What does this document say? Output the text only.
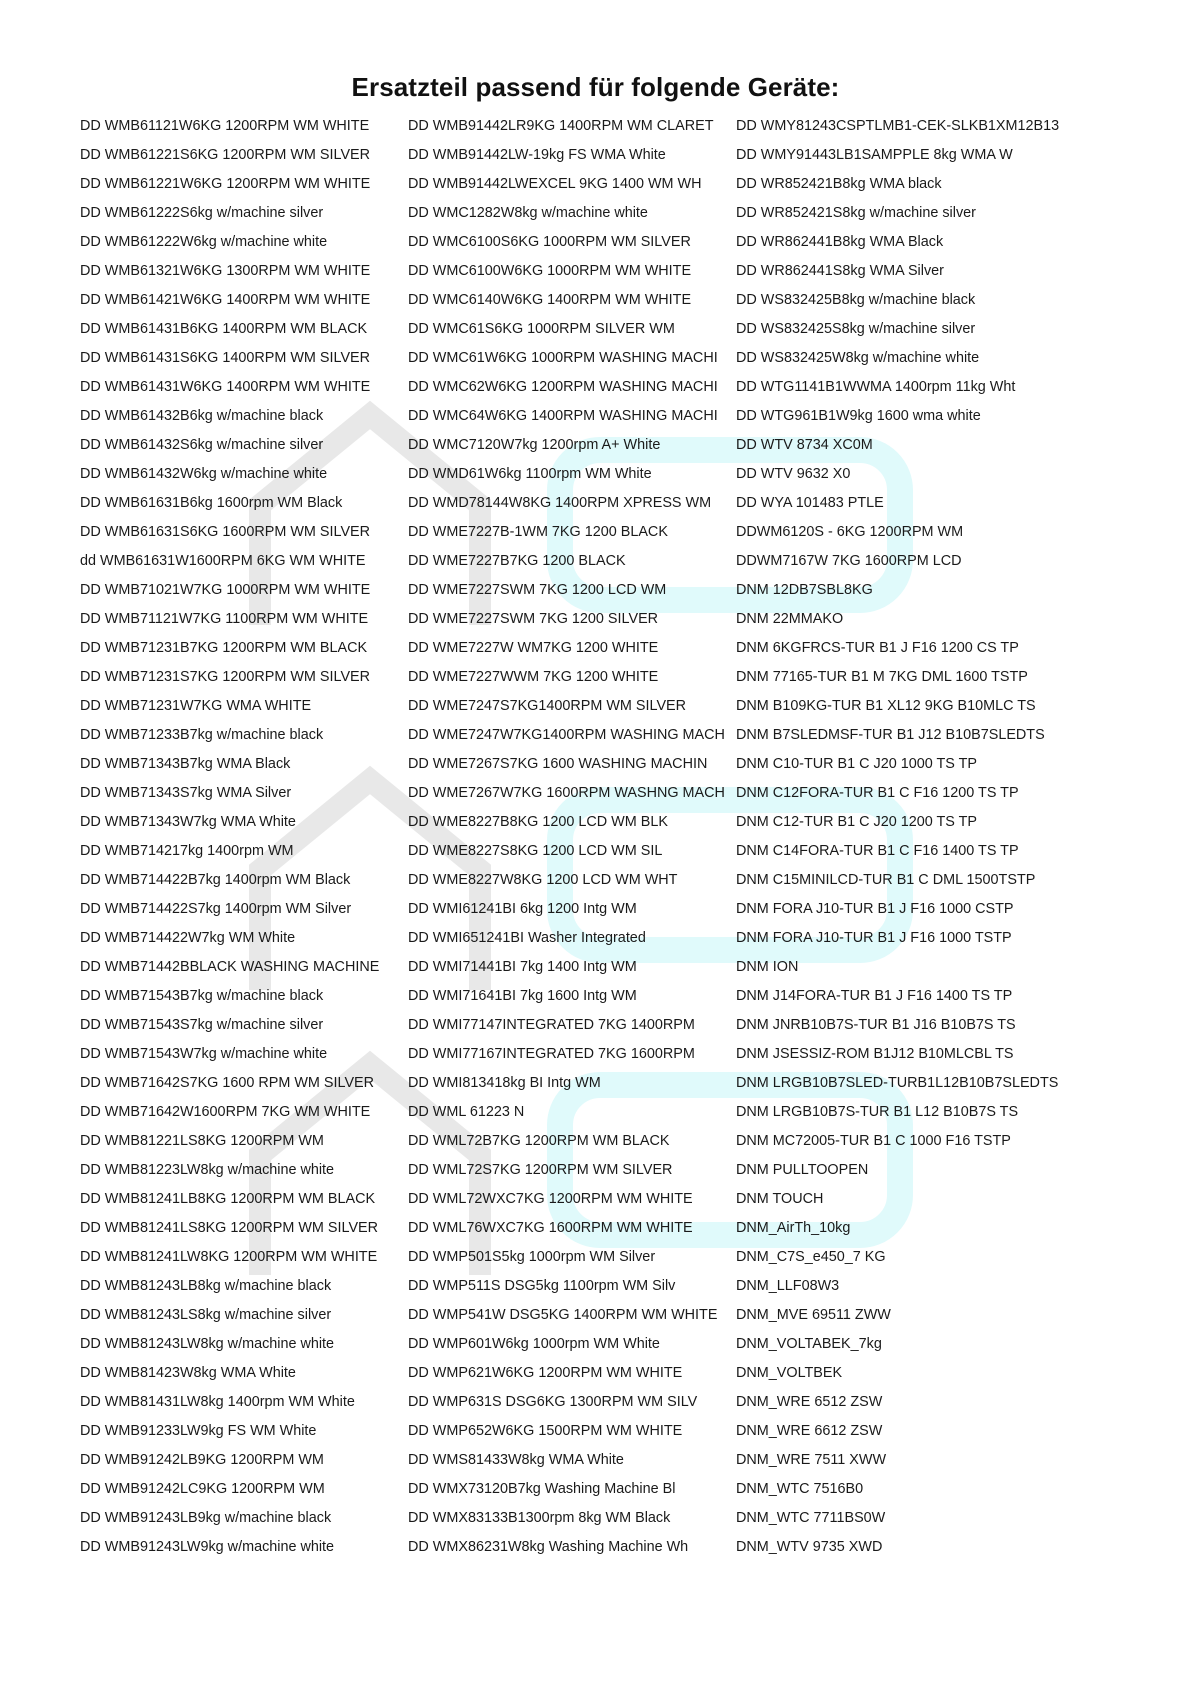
Ersatzteil passend für folgende Geräte:
DD WMB61121W6KG 1200RPM WM WHITE
DD WMB61221S6KG 1200RPM WM SILVER
DD WMB61221W6KG 1200RPM WM WHITE
DD WMB61222S6kg w/machine silver
DD WMB61222W6kg w/machine white
DD WMB61321W6KG 1300RPM WM WHITE
DD WMB61421W6KG 1400RPM WM WHITE
DD WMB61431B6KG 1400RPM WM BLACK
DD WMB61431S6KG 1400RPM WM SILVER
DD WMB61431W6KG 1400RPM WM WHITE
DD WMB61432B6kg w/machine black
DD WMB61432S6kg w/machine silver
DD WMB61432W6kg w/machine white
DD WMB61631B6kg 1600rpm WM Black
DD WMB61631S6KG 1600RPM WM SILVER
dd WMB61631W1600RPM 6KG WM WHITE
DD WMB71021W7KG 1000RPM WM WHITE
DD WMB71121W7KG 1100RPM WM WHITE
DD WMB71231B7KG 1200RPM WM BLACK
DD WMB71231S7KG 1200RPM WM SILVER
DD WMB71231W7KG WMA WHITE
DD WMB71233B7kg w/machine black
DD WMB71343B7kg WMA Black
DD WMB71343S7kg WMA Silver
DD WMB71343W7kg WMA White
DD WMB714217kg 1400rpm WM
DD WMB714422B7kg 1400rpm WM Black
DD WMB714422S7kg 1400rpm WM Silver
DD WMB714422W7kg WM White
DD WMB71442BBLACK WASHING MACHINE
DD WMB71543B7kg w/machine black
DD WMB71543S7kg w/machine silver
DD WMB71543W7kg w/machine white
DD WMB71642S7KG 1600 RPM WM SILVER
DD WMB71642W1600RPM 7KG WM WHITE
DD WMB81221LS8KG 1200RPM WM
DD WMB81223LW8kg w/machine white
DD WMB81241LB8KG 1200RPM WM BLACK
DD WMB81241LS8KG 1200RPM WM SILVER
DD WMB81241LW8KG 1200RPM WM WHITE
DD WMB81243LB8kg w/machine black
DD WMB81243LS8kg w/machine silver
DD WMB81243LW8kg w/machine white
DD WMB81423W8kg WMA White
DD WMB81431LW8kg 1400rpm WM White
DD WMB91233LW9kg FS WM White
DD WMB91242LB9KG 1200RPM WM
DD WMB91242LC9KG 1200RPM WM
DD WMB91243LB9kg w/machine black
DD WMB91243LW9kg w/machine white
DD WMB91442LR9KG 1400RPM WM CLARET
DD WMB91442LW-19kg FS WMA White
DD WMB91442LWEXCEL 9KG 1400 WM WH
DD WMC1282W8kg w/machine white
DD WMC6100S6KG 1000RPM WM SILVER
DD WMC6100W6KG 1000RPM WM WHITE
DD WMC6140W6KG 1400RPM WM WHITE
DD WMC61S6KG 1000RPM SILVER WM
DD WMC61W6KG 1000RPM WASHING MACHI
DD WMC62W6KG 1200RPM WASHING MACHI
DD WMC64W6KG 1400RPM WASHING MACHI
DD WMC7120W7kg 1200rpm A+ White
DD WMD61W6kg 1100rpm WM White
DD WMD78144W8KG 1400RPM XPRESS WM
DD WME7227B-1WM 7KG 1200 BLACK
DD WME7227B7KG 1200 BLACK
DD WME7227SWM 7KG 1200 LCD WM
DD WME7227SWM 7KG 1200 SILVER
DD WME7227W WM7KG 1200 WHITE
DD WME7227WWM 7KG 1200 WHITE
DD WME7247S7KG1400RPM WM SILVER
DD WME7247W7KG1400RPM WASHING MACH
DD WME7267S7KG 1600 WASHING MACHIN
DD WME7267W7KG 1600RPM WASHNG MACH
DD WME8227B8KG 1200 LCD WM BLK
DD WME8227S8KG 1200 LCD WM SIL
DD WME8227W8KG 1200 LCD WM WHT
DD WMI61241BI 6kg 1200 Intg WM
DD WMI651241BI Washer Integrated
DD WMI71441BI 7kg 1400 Intg WM
DD WMI71641BI 7kg 1600 Intg WM
DD WMI77147INTEGRATED 7KG 1400RPM
DD WMI77167INTEGRATED 7KG 1600RPM
DD WMI813418kg BI Intg WM
DD WML 61223 N
DD WML72B7KG 1200RPM WM BLACK
DD WML72S7KG 1200RPM WM SILVER
DD WML72WXC7KG 1200RPM WM WHITE
DD WML76WXC7KG 1600RPM WM WHITE
DD WMP501S5kg 1000rpm WM Silver
DD WMP511S DSG5kg 1100rpm WM Silv
DD WMP541W DSG5KG 1400RPM WM WHITE
DD WMP601W6kg 1000rpm WM White
DD WMP621W6KG 1200RPM WM WHITE
DD WMP631S DSG6KG 1300RPM WM SILV
DD WMP652W6KG 1500RPM WM WHITE
DD WMS81433W8kg WMA White
DD WMX73120B7kg Washing Machine Bl
DD WMX83133B1300rpm 8kg WM Black
DD WMX86231W8kg Washing Machine Wh
DD WMY81243CSPTLMB1-CEK-SLKB1XM12B13
DD WMY91443LB1SAMPPLE 8kg WMA W
DD WR852421B8kg WMA black
DD WR852421S8kg w/machine silver
DD WR862441B8kg WMA Black
DD WR862441S8kg WMA Silver
DD WS832425B8kg w/machine black
DD WS832425S8kg w/machine silver
DD WS832425W8kg w/machine white
DD WTG1141B1WWMA 1400rpm 11kg Wht
DD WTG961B1W9kg 1600 wma white
DD WTV 8734 XC0M
DD WTV 9632 X0
DD WYA 101483 PTLE
DDWM6120S - 6KG 1200RPM WM
DDWM7167W 7KG 1600RPM LCD
DNM 12DB7SBL8KG
DNM 22MMAKO
DNM 6KGFRCS-TUR B1 J F16 1200 CS TP
DNM 77165-TUR B1 M 7KG DML 1600 TSTP
DNM B109KG-TUR B1 XL12 9KG B10MLC TS
DNM B7SLEDMSF-TUR B1 J12 B10B7SLEDTS
DNM C10-TUR B1 C J20 1000 TS TP
DNM C12FORA-TUR B1 C F16 1200 TS TP
DNM C12-TUR B1 C J20 1200 TS TP
DNM C14FORA-TUR B1 C F16 1400 TS TP
DNM C15MINILCD-TUR B1 C DML 1500TSTP
DNM FORA J10-TUR B1 J F16 1000 CSTP
DNM FORA J10-TUR B1 J F16 1000 TSTP
DNM ION
DNM J14FORA-TUR B1 J F16 1400 TS TP
DNM JNRB10B7S-TUR B1 J16 B10B7S TS
DNM JSESSIZ-ROM B1J12 B10MLCBL TS
DNM LRGB10B7SLED-TURB1L12B10B7SLEDTS
DNM LRGB10B7S-TUR B1 L12 B10B7S TS
DNM MC72005-TUR B1 C 1000 F16 TSTP
DNM PULLTOOPEN
DNM TOUCH
DNM_AirTh_10kg
DNM_C7S_e450_7 KG
DNM_LLF08W3
DNM_MVE 69511 ZWW
DNM_VOLTABEK_7kg
DNM_VOLTBEK
DNM_WRE 6512 ZSW
DNM_WRE 6612 ZSW
DNM_WRE 7511 XWW
DNM_WTC 7516B0
DNM_WTC 7711BS0W
DNM_WTV 9735 XWD
